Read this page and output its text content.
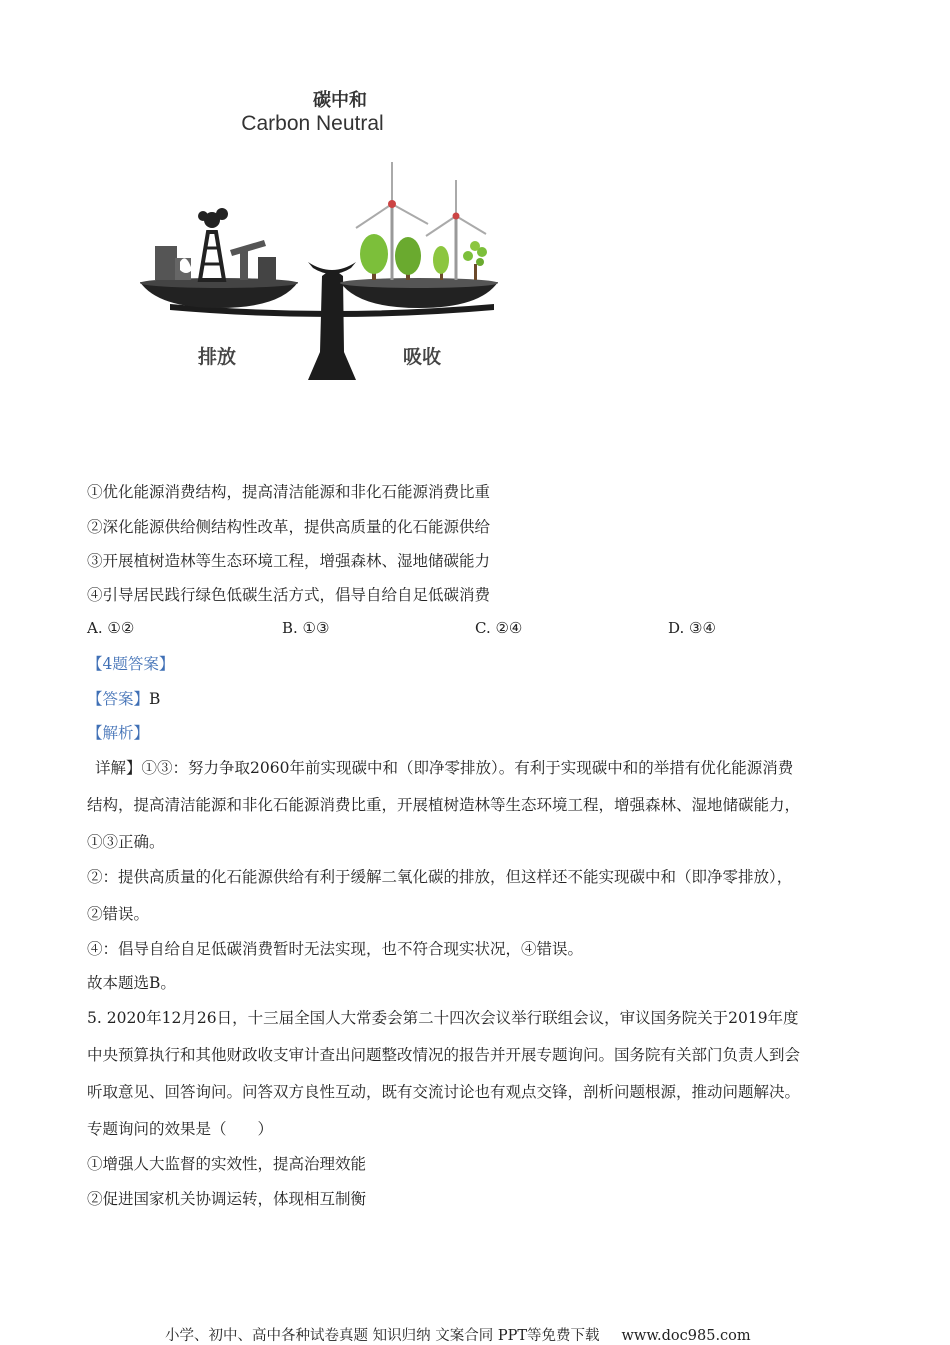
碳中和
Carbon Neutral
排放	吸收
①优化能源消费结构，提高清洁能源和非化石能源消费比重
②深化能源供给侧结构性改革，提供高质量的化石能源供给
③开展植树造林等生态环境工程，增强森林、湿地储碳能力
④引导居民践行绿色低碳生活方式，倡导自给自足低碳消费
A. ①②	B. ①③	C. ②④	D. ③④
【4题答案】
【答案】B
【解析】
详解】①③：努力争取2060年前实现碳中和（即净零排放）。有利于实现碳中和的举措有优化能源消费
结构，提高清洁能源和非化石能源消费比重，开展植树造林等生态环境工程，增强森林、湿地储碳能力，
①③正确。
②：提供高质量的化石能源供给有利于缓解二氧化碳的排放，但这样还不能实现碳中和（即净零排放），
②错误。
④：倡导自给自足低碳消费暂时无法实现，也不符合现实状况，④错误。
故本题选B。
5. 2020年12月26日，十三届全国人大常委会第二十四次会议举行联组会议，审议国务院关于2019年度
中央预算执行和其他财政收支审计查出问题整改情况的报告并开展专题询问。国务院有关部门负责人到会
听取意见、回答询问。问答双方良性互动，既有交流讨论也有观点交锋，剖析问题根源，推动问题解决。
专题询问的效果是（　　）
①增强人大监督的实效性，提高治理效能
②促进国家机关协调运转，体现相互制衡
小学、初中、高中各种试卷真题 知识归纳 文案合同 PPT等免费下载 www.doc985.com
